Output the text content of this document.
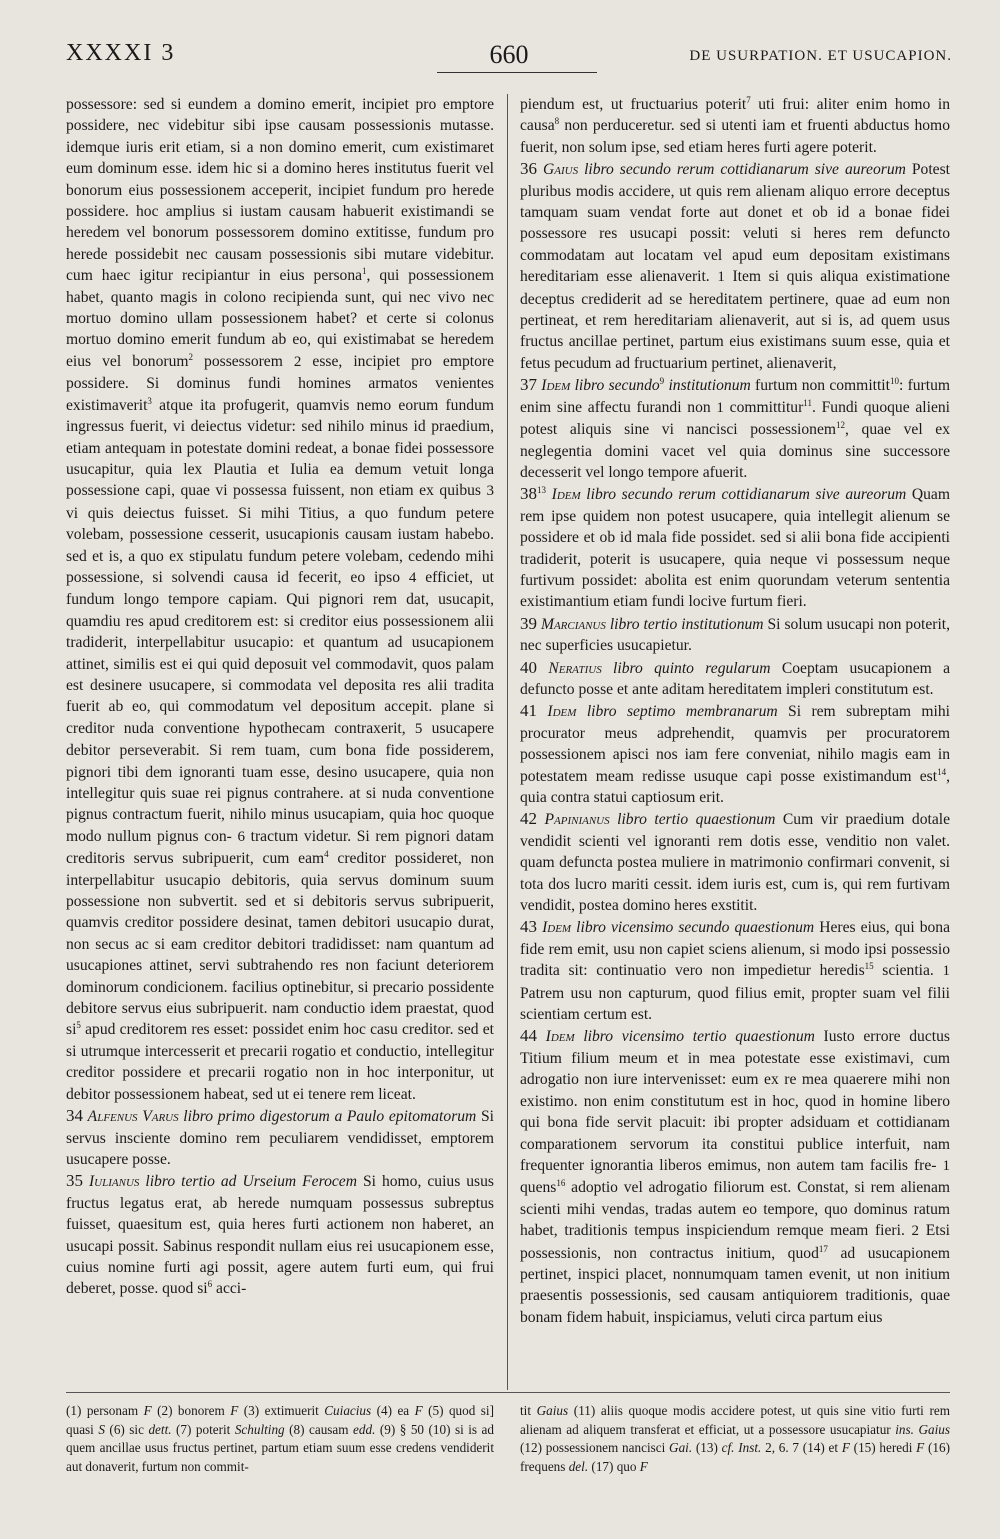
XXXXI 3	660	DE USURPATION. ET USUCAPION.

possessore: sed si eundem a domino emerit, incipiet pro emptore possidere, nec videbitur sibi ipse causam possessionis mutasse. idemque iuris erit etiam, si a non domino emerit, cum existimaret eum dominum esse. idem hic si a domino heres institutus fuerit vel bonorum eius possessionem acceperit, incipiet fundum pro herede possidere. hoc amplius si iustam causam habuerit existimandi se heredem vel bonorum possessorem domino extitisse, fundum pro herede possidebit nec causam possessionis sibi mutare videbitur. cum haec igitur recipiantur in eius persona$^1$, qui possessionem habet, quanto magis in colono recipienda sunt, qui nec vivo nec mortuo domino ullam possessionem habet? et certe si colonus mortuo domino emerit fundum ab eo, qui existimabat se heredem eius vel bonorum$^2$ possessorem 2 esse, incipiet pro emptore possidere. Si dominus fundi homines armatos venientes existimaverit$^3$ atque ita profugerit, quamvis nemo eorum fundum ingressus fuerit, vi deiectus videtur: sed nihilo minus id praedium, etiam antequam in potestate domini redeat, a bonae fidei possessore usucapitur, quia lex Plautia et Iulia ea demum vetuit longa possessione capi, quae vi possessa fuissent, non etiam ex quibus 3 vi quis deiectus fuisset. Si mihi Titius, a quo fundum petere volebam, possessione cesserit, usucapionis causam iustam habebo. sed et is, a quo ex stipulatu fundum petere volebam, cedendo mihi possessione, si solvendi causa id fecerit, eo ipso 4 efficiet, ut fundum longo tempore capiam. Qui pignori rem dat, usucapit, quamdiu res apud creditorem est: si creditor eius possessionem alii tradiderit, interpellabitur usucapio: et quantum ad usucapionem attinet, similis est ei qui quid deposuit vel commodavit, quos palam est desinere usucapere, si commodata vel deposita res alii tradita fuerit ab eo, qui commodatum vel depositum accepit. plane si creditor nuda conventione hypothecam contraxerit, 5 usucapere debitor perseverabit. Si rem tuam, cum bona fide possiderem, pignori tibi dem ignoranti tuam esse, desino usucapere, quia non intellegitur quis suae rei pignus contrahere. at si nuda conventione pignus contractum fuerit, nihilo minus usucapiam, quia hoc quoque modo nullum pignus con- 6 tractum videtur. Si rem pignori datam creditoris servus subripuerit, cum eam$^4$ creditor possideret, non interpellabitur usucapio debitoris, quia servus dominum suum possessione non subvertit. sed et si debitoris servus subripuerit, quamvis creditor possidere desinat, tamen debitori usucapio durat, non secus ac si eam creditor debitori tradidisset: nam quantum ad usucapiones attinet, servi subtrahendo res non faciunt deteriorem dominorum condicionem. facilius optinebitur, si precario possidente debitore servus eius subripuerit. nam conductio idem praestat, quod $si^5$ apud creditorem res esset: possidet enim hoc casu creditor. sed et si utrumque intercesserit et precarii rogatio et conductio, intellegitur creditor possidere et precarii rogatio non in hoc interponitur, ut debitor possessionem habeat, sed ut ei tenere rem liceat.

34 Alfenus Varus libro primo digestorum a Paulo epitomatorum Si servus insciente domino rem peculiarem vendidisset, emptorem usucapere posse.

35 Iulianus libro tertio ad Urseium Ferocem Si homo, cuius usus fructus legatus erat, ab herede numquam possessus subreptus fuisset, quaesitum est, quia heres furti actionem non haberet, an usucapi possit. Sabinus respondit nullam eius rei usucapionem esse, cuius nomine furti agi possit, agere autem furti eum, qui frui deberet, posse. quod $si^6$ acci-

piendum est, ut fructuarius poterit$^7$ uti frui: aliter enim homo in causa$^8$ non perduceretur. sed si utenti iam et fruenti abductus homo fuerit, non solum ipse, sed etiam heres furti agere poterit.

36 Gaius libro secundo rerum cottidianarum sive aureorum Potest pluribus modis accidere, ut quis rem alienam aliquo errore deceptus tamquam suam vendat forte aut donet et ob id a bonae fidei possessore res usucapi possit: veluti si heres rem defuncto commodatam aut locatam vel apud eum depositam existimans hereditariam esse alienaverit. 1 Item si quis aliqua existimatione deceptus crediderit ad se hereditatem pertinere, quae ad eum non pertineat, et rem hereditariam alienaverit, aut si is, ad quem usus fructus ancillae pertinet, partum eius existimans suum esse, quia et fetus pecudum ad fructuarium pertinet, alienaverit,

37 Idem libro secundo$^9$ institutionum furtum non committit$^{10}$: furtum enim sine affectu furandi non 1 committitur$^{11}$. Fundi quoque alieni potest aliquis sine vi nancisci possessionem$^{12}$, quae vel ex neglegentia domini vacet vel quia dominus sine successore decesserit vel longo tempore afuerit.

$38^{13}$ Idem libro secundo rerum cottidianarum sive aureorum Quam rem ipse quidem non potest usucapere, quia intellegit alienum se possidere et ob id mala fide possidet. sed si alii bona fide accipienti tradiderit, poterit is usucapere, quia neque vi possessum neque furtivum possidet: abolita est enim quorundam veterum sententia existimantium etiam fundi locive furtum fieri.

39 Marcianus libro tertio institutionum Si solum usucapi non poterit, nec superficies usucapietur.

40 Neratius libro quinto regularum Coeptam usucapionem a defuncto posse et ante aditam hereditatem impleri constitutum est.

41 Idem libro septimo membranarum Si rem subreptam mihi procurator meus adprehendit, quamvis per procuratorem possessionem apisci nos iam fere conveniat, nihilo magis eam in potestatem meam redisse usuque capi posse existimandum est$^{14}$, quia contra statui captiosum erit.

42 Papinianus libro tertio quaestionum Cum vir praedium dotale vendidit scienti vel ignoranti rem dotis esse, venditio non valet. quam defuncta postea muliere in matrimonio confirmari convenit, si tota dos lucro mariti cessit. idem iuris est, cum is, qui rem furtivam vendidit, postea domino heres exstitit.

43 Idem libro vicensimo secundo quaestionum Heres eius, qui bona fide rem emit, usu non capiet sciens alienum, si modo ipsi possessio tradita sit: continuatio vero non impedietur heredis$^{15}$ scientia. 1 Patrem usu non capturum, quod filius emit, propter suam vel filii scientiam certum est.

44 Idem libro vicensimo tertio quaestionum Iusto errore ductus Titium filium meum et in mea potestate esse existimavi, cum adrogatio non iure intervenisset: eum ex re mea quaerere mihi non existimo. non enim constitutum est in hoc, quod in homine libero qui bona fide servit placuit: ibi propter adsiduam et cottidianam comparationem servorum ita constitui publice interfuit, nam frequenter ignorantia liberos emimus, non autem tam facilis fre- 1 quens$^{16}$ adoptio vel adrogatio filiorum est. Constat, si rem alienam scienti mihi vendas, tradas autem eo tempore, quo dominus ratum habet, traditionis tempus inspiciendum remque meam fieri. 2 Etsi possessionis, non contractus initium, quod$^{17}$ ad usucapionem pertinet, inspici placet, nonnumquam tamen evenit, ut non initium praesentis possessionis, sed causam antiquiorem traditionis, quae bonam fidem habuit, inspiciamus, veluti circa partum eius

(1) personam F (2) bonorem F (3) extimuerit Cuiacius (4) ea F (5) quod si] quasi S (6) sic dett. (7) poterit Schulting (8) causam edd. (9) § 50 (10) si is ad quem ancillae usus fructus pertinet, partum etiam suum esse credens vendiderit aut donaverit, furtum non commit-

tit Gaius (11) aliis quoque modis accidere potest, ut quis sine vitio furti rem alienam ad aliquem transferat et efficiat, ut a possessore usucapiatur ins. Gaius (12) possessionem nancisci Gai. (13) cf. Inst. 2, 6. 7 (14) et F (15) heredi F (16) frequens del. (17) quo F
